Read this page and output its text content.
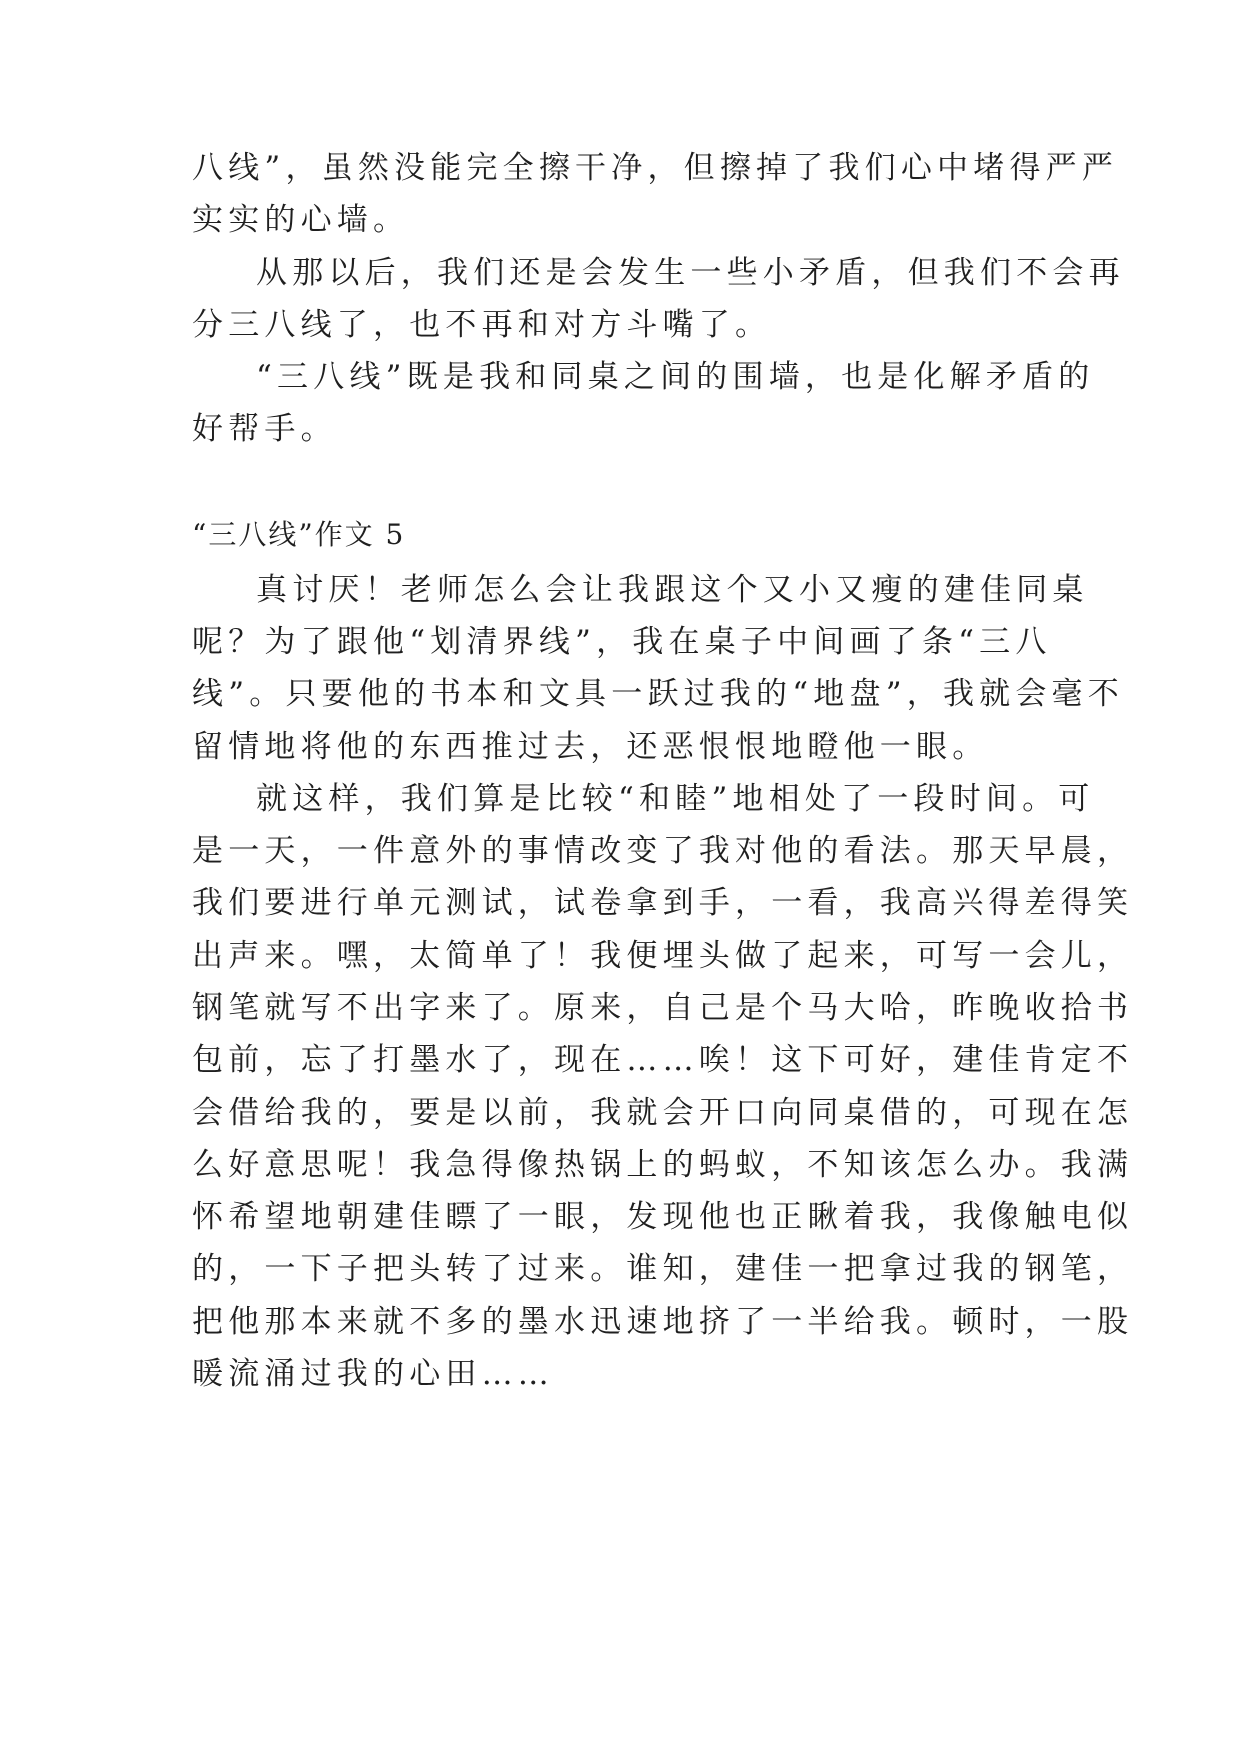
八线”，虽然没能完全擦干净，但擦掉了我们心中堵得严严
实实的心墙。
从那以后，我们还是会发生一些小矛盾，但我们不会再
分三八线了，也不再和对方斗嘴了。
“三八线”既是我和同桌之间的围墙，也是化解矛盾的
好帮手。
“三八线”作文 5
真讨厌！老师怎么会让我跟这个又小又瘦的建佳同桌
呢？为了跟他“划清界线”，我在桌子中间画了条“三八
线”。只要他的书本和文具一跃过我的“地盘”，我就会毫不
留情地将他的东西推过去，还恶恨恨地瞪他一眼。
就这样，我们算是比较“和睦”地相处了一段时间。可
是一天，一件意外的事情改变了我对他的看法。那天早晨，
我们要进行单元测试，试卷拿到手，一看，我高兴得差得笑
出声来。嘿，太简单了！我便埋头做了起来，可写一会儿，
钢笔就写不出字来了。原来，自己是个马大哈，昨晚收拾书
包前，忘了打墨水了，现在……唉！这下可好，建佳肯定不
会借给我的，要是以前，我就会开口向同桌借的，可现在怎
么好意思呢！我急得像热锅上的蚂蚁，不知该怎么办。我满
怀希望地朝建佳瞟了一眼，发现他也正瞅着我，我像触电似
的，一下子把头转了过来。谁知，建佳一把拿过我的钢笔，
把他那本来就不多的墨水迅速地挤了一半给我。顿时，一股
暖流涌过我的心田……
